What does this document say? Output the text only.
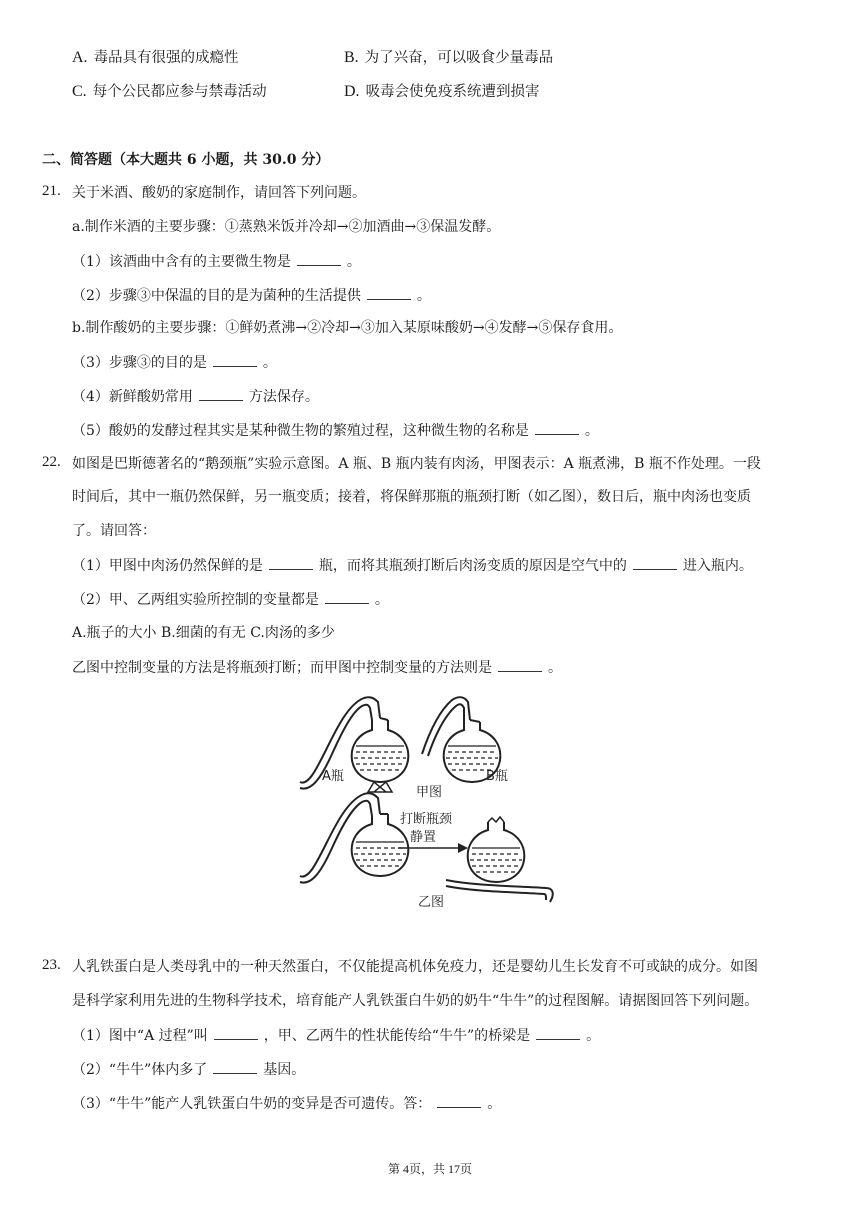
A. 毒品具有很强的成瘾性	B. 为了兴奋，可以吸食少量毒品
C. 每个公民都应参与禁毒活动	D. 吸毒会使免疫系统遭到损害
二、简答题（本大题共 6 小题，共 30.0 分）
21. 关于米酒、酸奶的家庭制作，请回答下列问题。
a.制作米酒的主要步骤：①蒸熟米饭并冷却→②加酒曲→③保温发酵。
（1）该酒曲中含有的主要微生物是	。
（2）步骤③中保温的目的是为菌种的生活提供	。
b.制作酸奶的主要步骤：①鲜奶煮沸→②冷却→③加入某原味酸奶→④发酵→⑤保存食用。
（3）步骤③的目的是	。
（4）新鲜酸奶常用	方法保存。
（5）酸奶的发酵过程其实是某种微生物的繁殖过程，这种微生物的名称是	。
22. 如图是巴斯德著名的“鹅颈瓶”实验示意图。A 瓶、B 瓶内装有肉汤，甲图表示：A 瓶煮沸，B 瓶不作处理。一段
时间后，其中一瓶仍然保鲜，另一瓶变质；接着，将保鲜那瓶的瓶颈打断（如乙图），数日后，瓶中肉汤也变质
了。请回答：
（1）甲图中肉汤仍然保鲜的是	瓶，而将其瓶颈打断后肉汤变质的原因是空气中的	进入瓶内。
（2）甲、乙两组实验所控制的变量都是	。
A.瓶子的大小 B.细菌的有无 C.肉汤的多少
乙图中控制变量的方法是将瓶颈打断；而甲图中控制变量的方法则是	。
A瓶	B瓶
甲图
打断瓶颈
静置
乙图
23. 人乳铁蛋白是人类母乳中的一种天然蛋白，不仅能提高机体免疫力，还是婴幼儿生长发育不可或缺的成分。如图
是科学家利用先进的生物科学技术，培育能产人乳铁蛋白牛奶的奶牛“牛牛”的过程图解。请据图回答下列问题。
（1）图中“A 过程”叫	，甲、乙两牛的性状能传给“牛牛”的桥梁是	。
（2）“牛牛”体内多了	基因。
（3）“牛牛”能产人乳铁蛋白牛奶的变异是否可遗传。答：	。
第 4页，共 17页
